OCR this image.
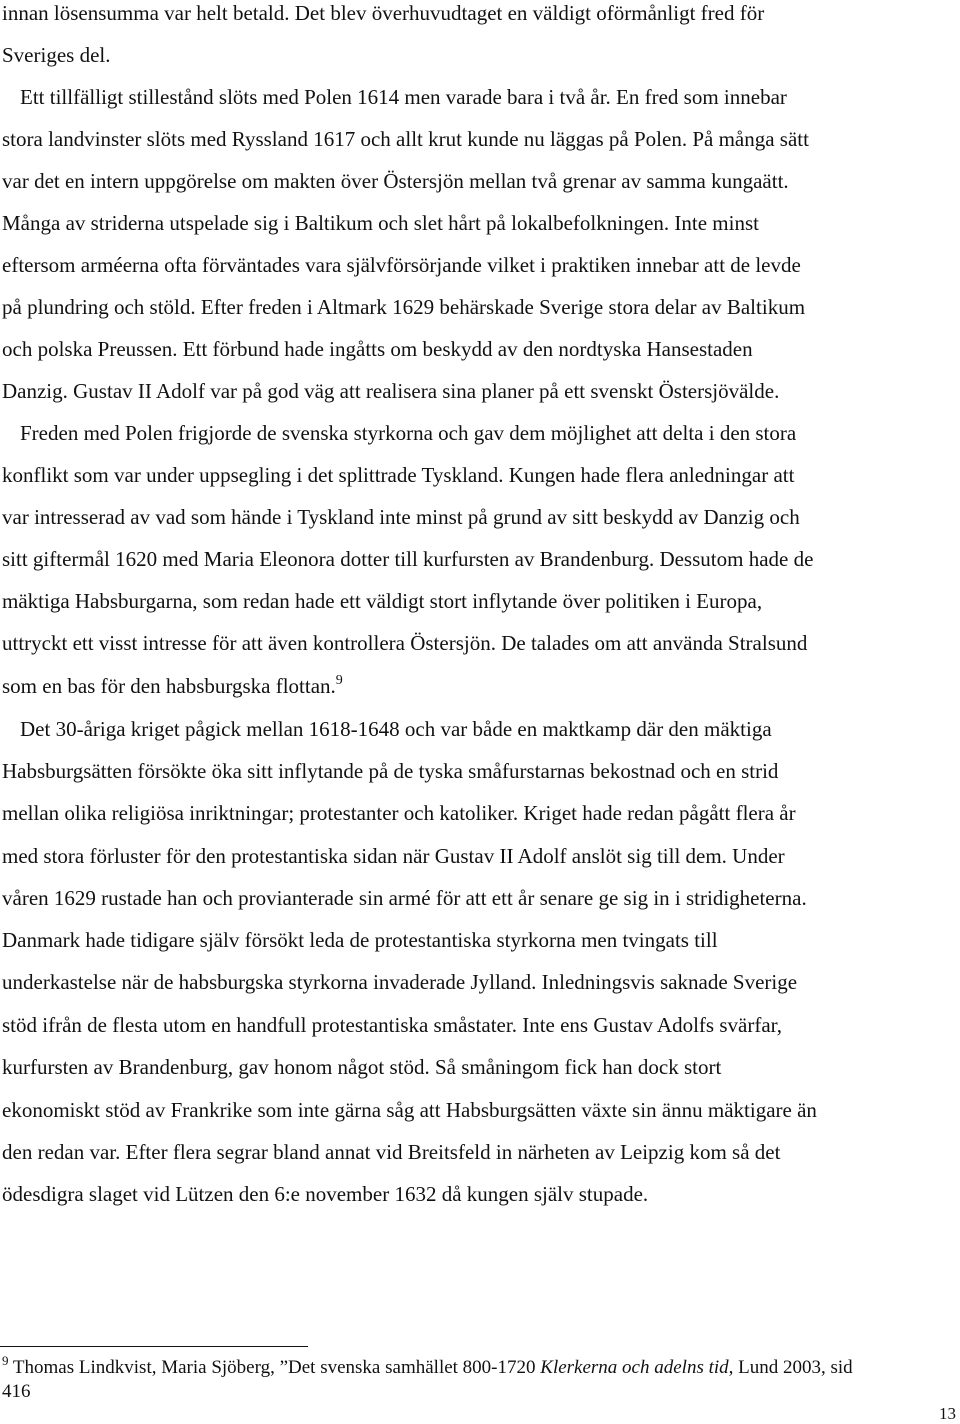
innan lösensumma var helt betald. Det blev överhuvudtaget en väldigt oförmånligt fred för
Sveriges del.
Ett tillfälligt stillestånd slöts med Polen 1614 men varade bara i två år. En fred som innebar
stora landvinster slöts med Ryssland 1617 och allt krut kunde nu läggas på Polen. På många sätt
var det en intern uppgörelse om makten över Östersjön mellan två grenar av samma kungaätt.
Många av striderna utspelade sig i Baltikum och slet hårt på lokalbefolkningen. Inte minst
eftersom arméerna ofta förväntades vara självförsörjande vilket i praktiken innebar att de levde
på plundring och stöld. Efter freden i Altmark 1629 behärskade Sverige stora delar av Baltikum
och polska Preussen. Ett förbund hade ingåtts om beskydd av den nordtyska Hansestaden
Danzig. Gustav II Adolf var på god väg att realisera sina planer på ett svenskt Östersjövälde.
Freden med Polen frigjorde de svenska styrkorna och gav dem möjlighet att delta i den stora
konflikt som var under uppsegling i det splittrade Tyskland. Kungen hade flera anledningar att
var intresserad av vad som hände i Tyskland inte minst på grund av sitt beskydd av Danzig och
sitt giftermål 1620 med Maria Eleonora dotter till kurfursten av Brandenburg. Dessutom hade de
mäktiga Habsburgarna, som redan hade ett väldigt stort inflytande över politiken i Europa,
uttryckt ett visst intresse för att även kontrollera Östersjön. De talades om att använda Stralsund
som en bas för den habsburgska flottan.$^9$
Det 30-åriga kriget pågick mellan 1618-1648 och var både en maktkamp där den mäktiga
Habsburgsätten försökte öka sitt inflytande på de tyska småfurstarnas bekostnad och en strid
mellan olika religiösa inriktningar; protestanter och katoliker. Kriget hade redan pågått flera år
med stora förluster för den protestantiska sidan när Gustav II Adolf anslöt sig till dem. Under
våren 1629 rustade han och provianterade sin armé för att ett år senare ge sig in i stridigheterna.
Danmark hade tidigare själv försökt leda de protestantiska styrkorna men tvingats till
underkastelse när de habsburgska styrkorna invaderade Jylland. Inledningsvis saknade Sverige
stöd ifrån de flesta utom en handfull protestantiska småstater. Inte ens Gustav Adolfs svärfar,
kurfursten av Brandenburg, gav honom något stöd. Så småningom fick han dock stort
ekonomiskt stöd av Frankrike som inte gärna såg att Habsburgsätten växte sin ännu mäktigare än
den redan var. Efter flera segrar bland annat vid Breitsfeld in närheten av Leipzig kom så det
ödesdigra slaget vid Lützen den 6:e november 1632 då kungen själv stupade.
$^9$ Thomas Lindkvist, Maria Sjöberg, ”Det svenska samhället 800-1720 Klerkerna och adelns tid, Lund 2003, sid
416
13
